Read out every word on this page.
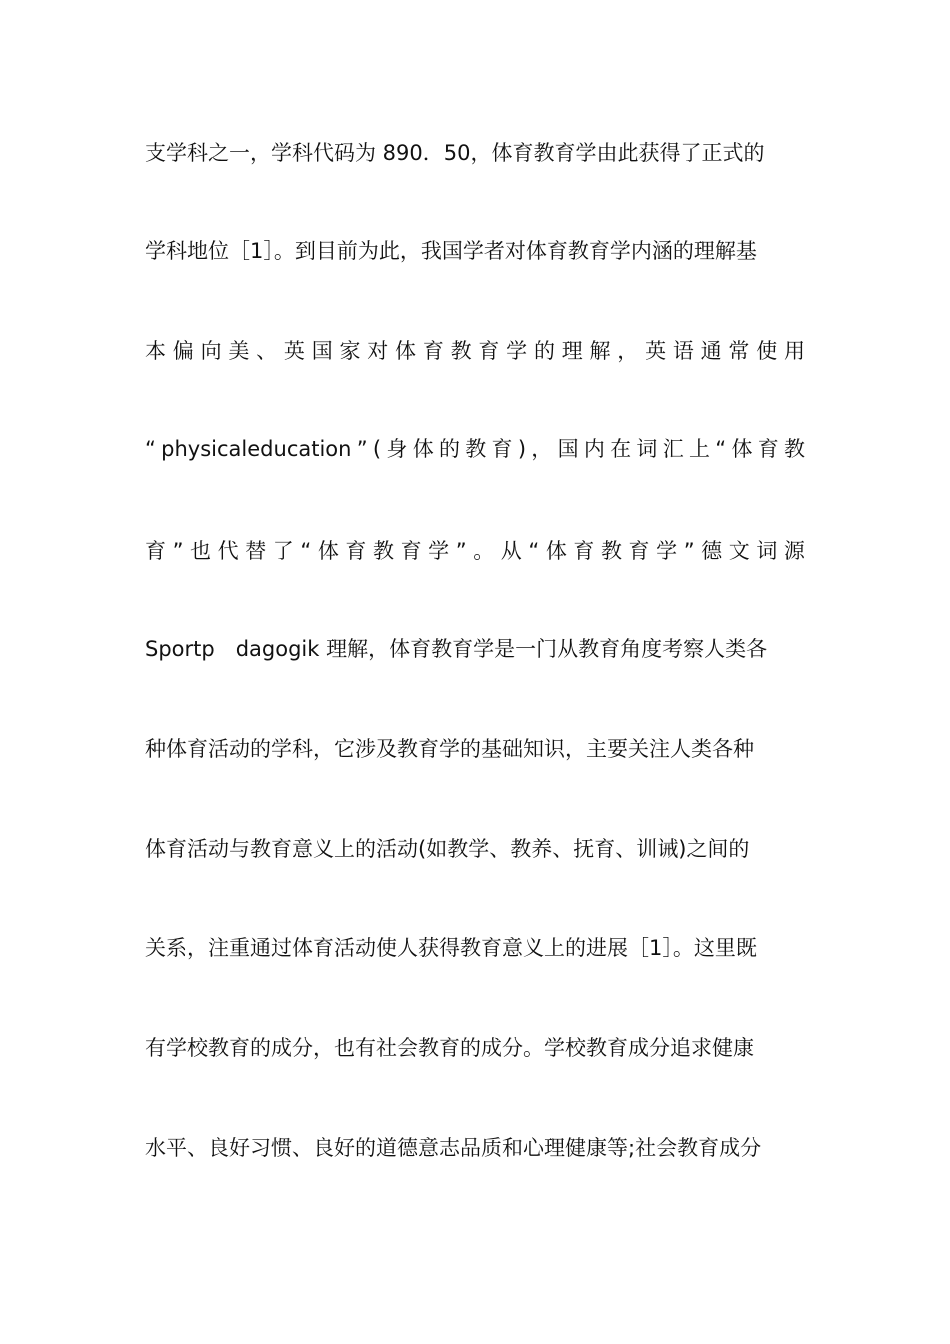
支学科之一，学科代码为 890．50，体育教育学由此获得了正式的
学科地位［1］。到目前为此，我国学者对体育教育学内涵的理解基
本 偏 向 美 、 英 国 家 对 体 育 教 育 学 的 理 解 ， 英 语 通 常 使 用
“ physicaleducation ” ( 身 体 的 教 育 ) ， 国 内 在 词 汇 上 “ 体 育 教
育 ” 也 代 替 了 “ 体 育 教 育 学 ” 。 从 “ 体 育 教 育 学 ” 德 文 词 源
Sportp　dagogik 理解，体育教育学是一门从教育角度考察人类各
种体育活动的学科，它涉及教育学的基础知识，主要关注人类各种
体育活动与教育意义上的活动(如教学、教养、抚育、训诫)之间的
关系，注重通过体育活动使人获得教育意义上的进展［1］。这里既
有学校教育的成分，也有社会教育的成分。学校教育成分追求健康
水平、良好习惯、良好的道德意志品质和心理健康等;社会教育成分
